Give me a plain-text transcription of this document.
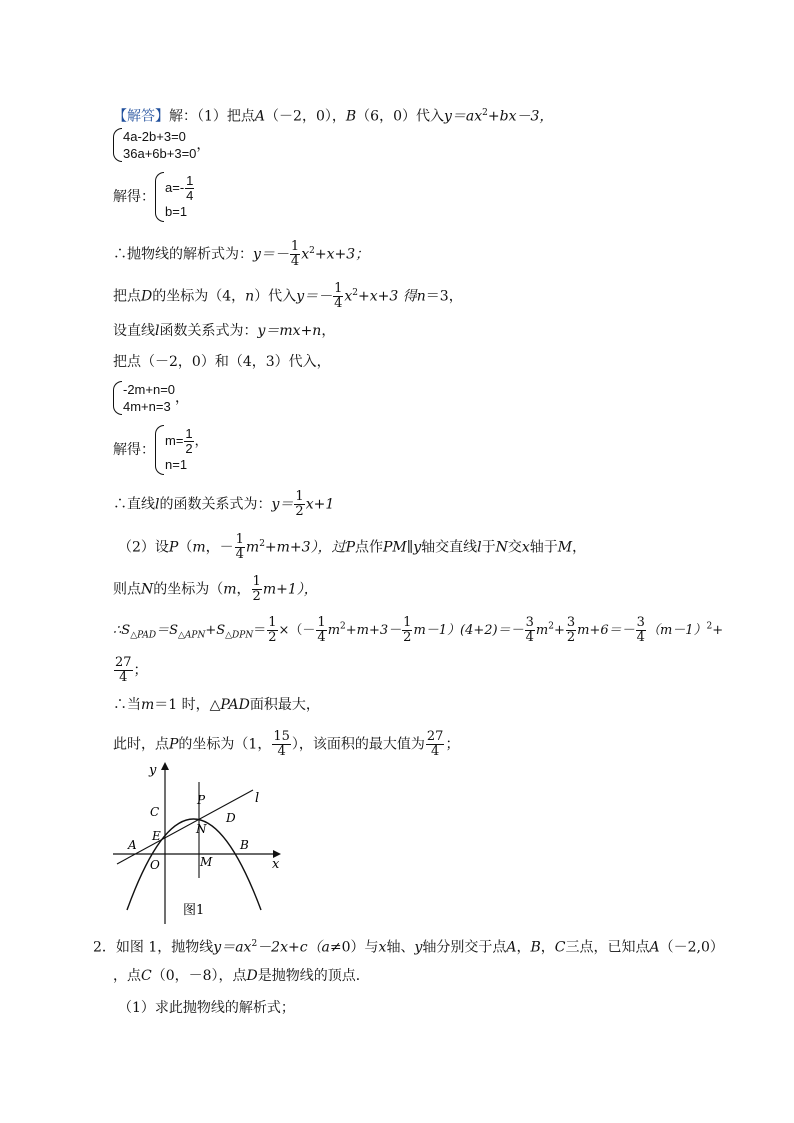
【解答】解：（1）把点A（－2，0），B（6，0）代入$y=ax^2+bx-3$，
4a-2b+3=0
36a+6b+3=0
，
解得：
$a=- \frac{1}{4}$
b=1
∴抛物线的解析式为：$y=- \frac{1}{4} x^2+x+3$；
把点D的坐标为（4，n）代入$y=- \frac{1}{4} x^2+x+3$ 得n＝3，
设直线l函数关系式为：y＝mx+n，
把点（－2，0）和（4，3）代入，
-2m+n=0
4m+n=3
，
解得：
$m= \frac{1}{2}$ ，
n=1
∴直线l的函数关系式为：$y= \frac{1}{2} x+1$
（2）设P（m，－ $\frac{1}{4} m^2+m+3$），过P点作PM∥y轴交直线l于N交x轴于M，
则点N的坐标为（m， $\frac{1}{2} m+1$），
$\therefore S_{\triangle PAD}=S_{\triangle APN}+S_{\triangle DPN}= \frac{1}{2}$ ×（－ $\frac{1}{4} m^2+m+3- \frac{1}{2} m-1)(4+2)=- \frac{3}{4} m^2+ \frac{3}{2} m+6=- \frac{3}{4} (m-1)^2+$
$\frac{27}{4}$ ；
∴当m＝1 时，△PAD面积最大，
此时，点P的坐标为（1， $\frac{15}{4}$ ），该面积的最大值为 $\frac{27}{4}$ ；
y
x
O
A	B
C	D
E
P
N
M
l
图1
2．如图 1，抛物线$y=ax^2-2x+c(a\ne 0)$与x轴、y轴分别交于点A，B，C三点，已知点A（－2,0）
，点C（0，－8），点D是抛物线的顶点．
（1）求此抛物线的解析式；
